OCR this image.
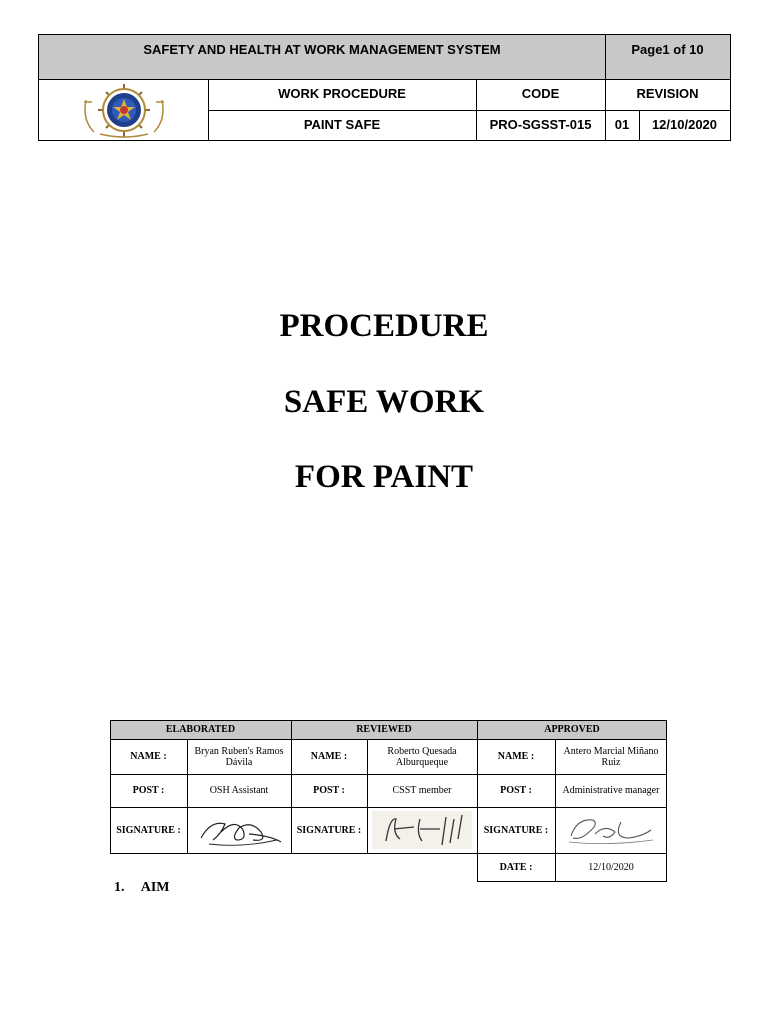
SAFETY AND HEALTH AT WORK MANAGEMENT SYSTEM	Page1 of 10
WORK PROCEDURE	CODE	REVISION
PAINT SAFE	PRO-SGSST-015 01 12/10/2020
PROCEDURE
SAFE WORK
FOR PAINT
ELABORATED	REVIEWED	APPROVED
NAME :	Bryan Ruben's Ramos Dávila	NAME :	Roberto Quesada Alburqueque	NAME :	Antero Marcial Miñano Ruiz
POST :	OSH Assistant	POST :	CSST member	POST :	Administrative manager
SIGNATURE :	SIGNATURE :	SIGNATURE :
DATE :	12/10/2020
1. AIM
